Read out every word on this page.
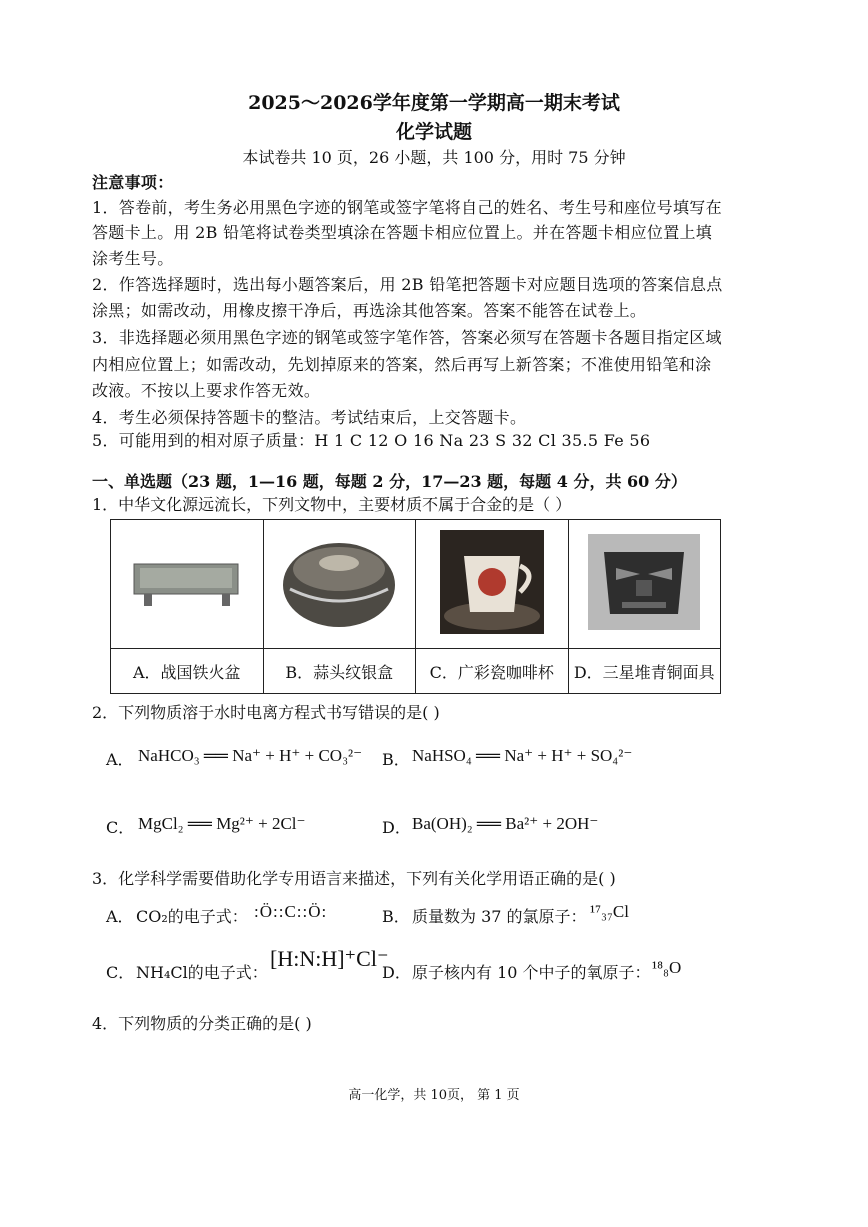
2025～2026学年度第一学期高一期末考试
化学试题
本试卷共 10 页，26 小题，共 100 分，用时 75 分钟
注意事项：
1．答卷前，考生务必用黑色字迹的钢笔或签字笔将自己的姓名、考生号和座位号填写在
答题卡上。用 2B 铅笔将试卷类型填涂在答题卡相应位置上。并在答题卡相应位置上填
涂考生号。
2．作答选择题时，选出每小题答案后，用 2B 铅笔把答题卡对应题目选项的答案信息点
涂黑；如需改动，用橡皮擦干净后，再选涂其他答案。答案不能答在试卷上。
3．非选择题必须用黑色字迹的钢笔或签字笔作答，答案必须写在答题卡各题目指定区域
内相应位置上；如需改动，先划掉原来的答案，然后再写上新答案；不准使用铅笔和涂
改液。不按以上要求作答无效。
4．考生必须保持答题卡的整洁。考试结束后，上交答题卡。
5．可能用到的相对原子质量：H 1 C 12 O 16 Na 23 S 32 Cl 35.5 Fe 56
一、单选题（23 题，1—16 题，每题 2 分，17—23 题，每题 4 分，共 60 分）
1．中华文化源远流长，下列文物中，主要材质不属于合金的是（ ）

A．战国铁火盆	B．蒜头纹银盒	C．广彩瓷咖啡杯	D．三星堆青铜面具
2．下列物质溶于水时电离方程式书写错误的是( )
A． NaHCO₃ ══ Na⁺ + H⁺ + CO₃²⁻ B． NaHSO₄ ══ Na⁺ + H⁺ + SO₄²⁻
C． MgCl₂ ══ Mg²⁺ + 2Cl⁻	D． Ba(OH)₂ ══ Ba²⁺ + 2OH⁻
3．化学科学需要借助化学专用语言来描述，下列有关化学用语正确的是( )
A． CO₂的电子式： :Ö::C::Ö:	B． 质量数为 37 的氯原子： ¹⁷₃₇Cl
C． NH₄Cl的电子式：
[H:N:H]⁺Cl⁻
D． 原子核内有 10 个中子的氧原子： ¹⁸₈O
4．下列物质的分类正确的是( )
高一化学，共 10页， 第 1 页
